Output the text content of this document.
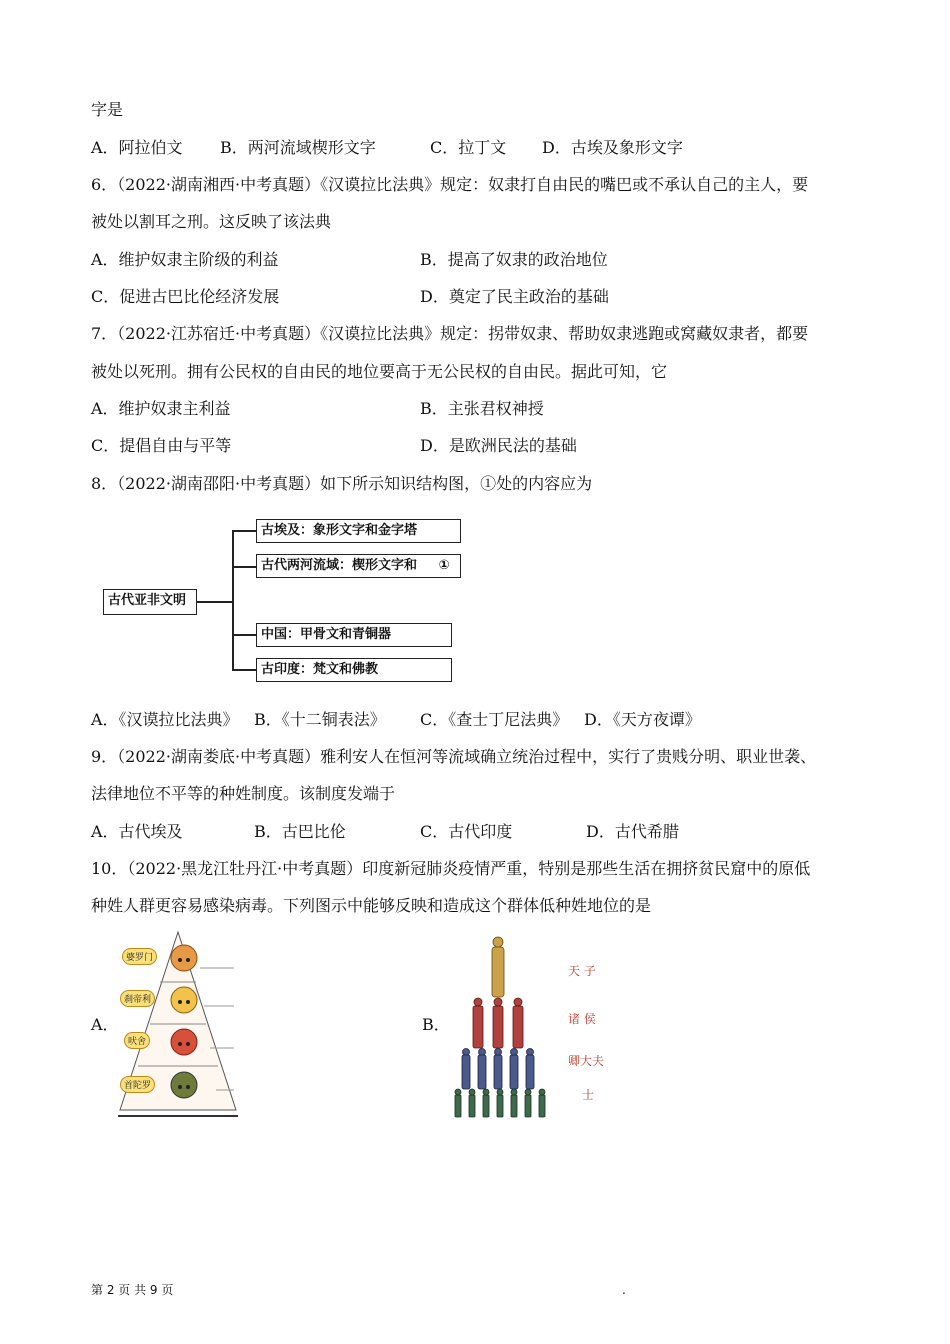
字是
A．阿拉伯文 B．两河流域楔形文字	C．拉丁文 D．古埃及象形文字
6．（2022·湖南湘西·中考真题）《汉谟拉比法典》规定：奴隶打自由民的嘴巴或不承认自己的主人，要
被处以割耳之刑。这反映了该法典
A．维护奴隶主阶级的利益	B．提高了奴隶的政治地位
C．促进古巴比伦经济发展	D．奠定了民主政治的基础
7．（2022·江苏宿迁·中考真题）《汉谟拉比法典》规定：拐带奴隶、帮助奴隶逃跑或窝藏奴隶者，都要
被处以死刑。拥有公民权的自由民的地位要高于无公民权的自由民。据此可知，它
A．维护奴隶主利益	B．主张君权神授
C．提倡自由与平等	D．是欧洲民法的基础
8．（2022·湖南邵阳·中考真题）如下所示知识结构图，①处的内容应为
古代亚非文明
古埃及：象形文字和金字塔
古代两河流域：楔形文字和	①
中国：甲骨文和青铜器
古印度：梵文和佛教
A．《汉谟拉比法典》 B．《十二铜表法》 C．《查士丁尼法典》 D．《天方夜谭》
9．（2022·湖南娄底·中考真题）雅利安人在恒河等流域确立统治过程中，实行了贵贱分明、职业世袭、
法律地位不平等的种姓制度。该制度发端于
A．古代埃及	B．古巴比伦	C．古代印度	D．古代希腊
10．（2022·黑龙江牡丹江·中考真题）印度新冠肺炎疫情严重，特别是那些生活在拥挤贫民窟中的原低
种姓人群更容易感染病毒。下列图示中能够反映和造成这个群体低种姓地位的是
A．
婆罗门
刹帝利
吠舍
首陀罗
B．
天 子
诸 侯
卿大夫
士
第 2 页 共 9 页	.
